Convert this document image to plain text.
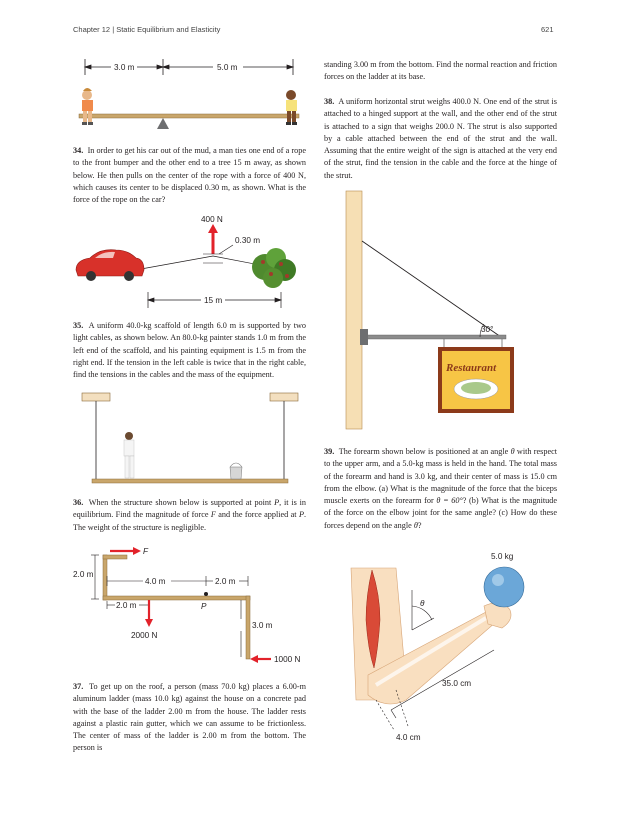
Chapter 12 | Static Equilibrium and Elasticity	621
3.0 m	5.0 m
34. In order to get his car out of the mud, a man ties one end of a rope to the front bumper and the other end to a tree 15 m away, as shown below. He then pulls on the center of the rope with a force of 400 N, which causes its center to be displaced 0.30 m, as shown. What is the force of the rope on the car?
400 N
0.30 m
15 m
35. A uniform 40.0-kg scaffold of length 6.0 m is supported by two light cables, as shown below. An 80.0-kg painter stands 1.0 m from the left end of the scaffold, and his painting equipment is 1.5 m from the right end. If the tension in the left cable is twice that in the right cable, find the tensions in the cables and the mass of the equipment.
36. When the structure shown below is supported at point P, it is in equilibrium. Find the magnitude of force F and the force applied at P. The weight of the structure is negligible.
F
2.0 m
4.0 m	2.0 m
P
2.0 m
2000 N
3.0 m
1000 N
37. To get up on the roof, a person (mass 70.0 kg) places a 6.00-m aluminum ladder (mass 10.0 kg) against the house on a concrete pad with the base of the ladder 2.00 m from the house. The ladder rests against a plastic rain gutter, which we can assume to be frictionless. The center of mass of the ladder is 2.00 m from the bottom. The person is
standing 3.00 m from the bottom. Find the normal reaction and friction forces on the ladder at its base.
38. A uniform horizontal strut weighs 400.0 N. One end of the strut is attached to a hinged support at the wall, and the other end of the strut is attached to a sign that weighs 200.0 N. The strut is also supported by a cable attached between the end of the strut and the wall. Assuming that the entire weight of the sign is attached at the very end of the strut, find the tension in the cable and the force at the hinge of the strut.
30°
Restaurant
39. The forearm shown below is positioned at an angle θ with respect to the upper arm, and a 5.0-kg mass is held in the hand. The total mass of the forearm and hand is 3.0 kg, and their center of mass is 15.0 cm from the elbow. (a) What is the magnitude of the force that the biceps muscle exerts on the forearm for θ = 60°? (b) What is the magnitude of the force on the elbow joint for the same angle? (c) How do these forces depend on the angle θ?
5.0 kg
θ
35.0 cm
4.0 cm
